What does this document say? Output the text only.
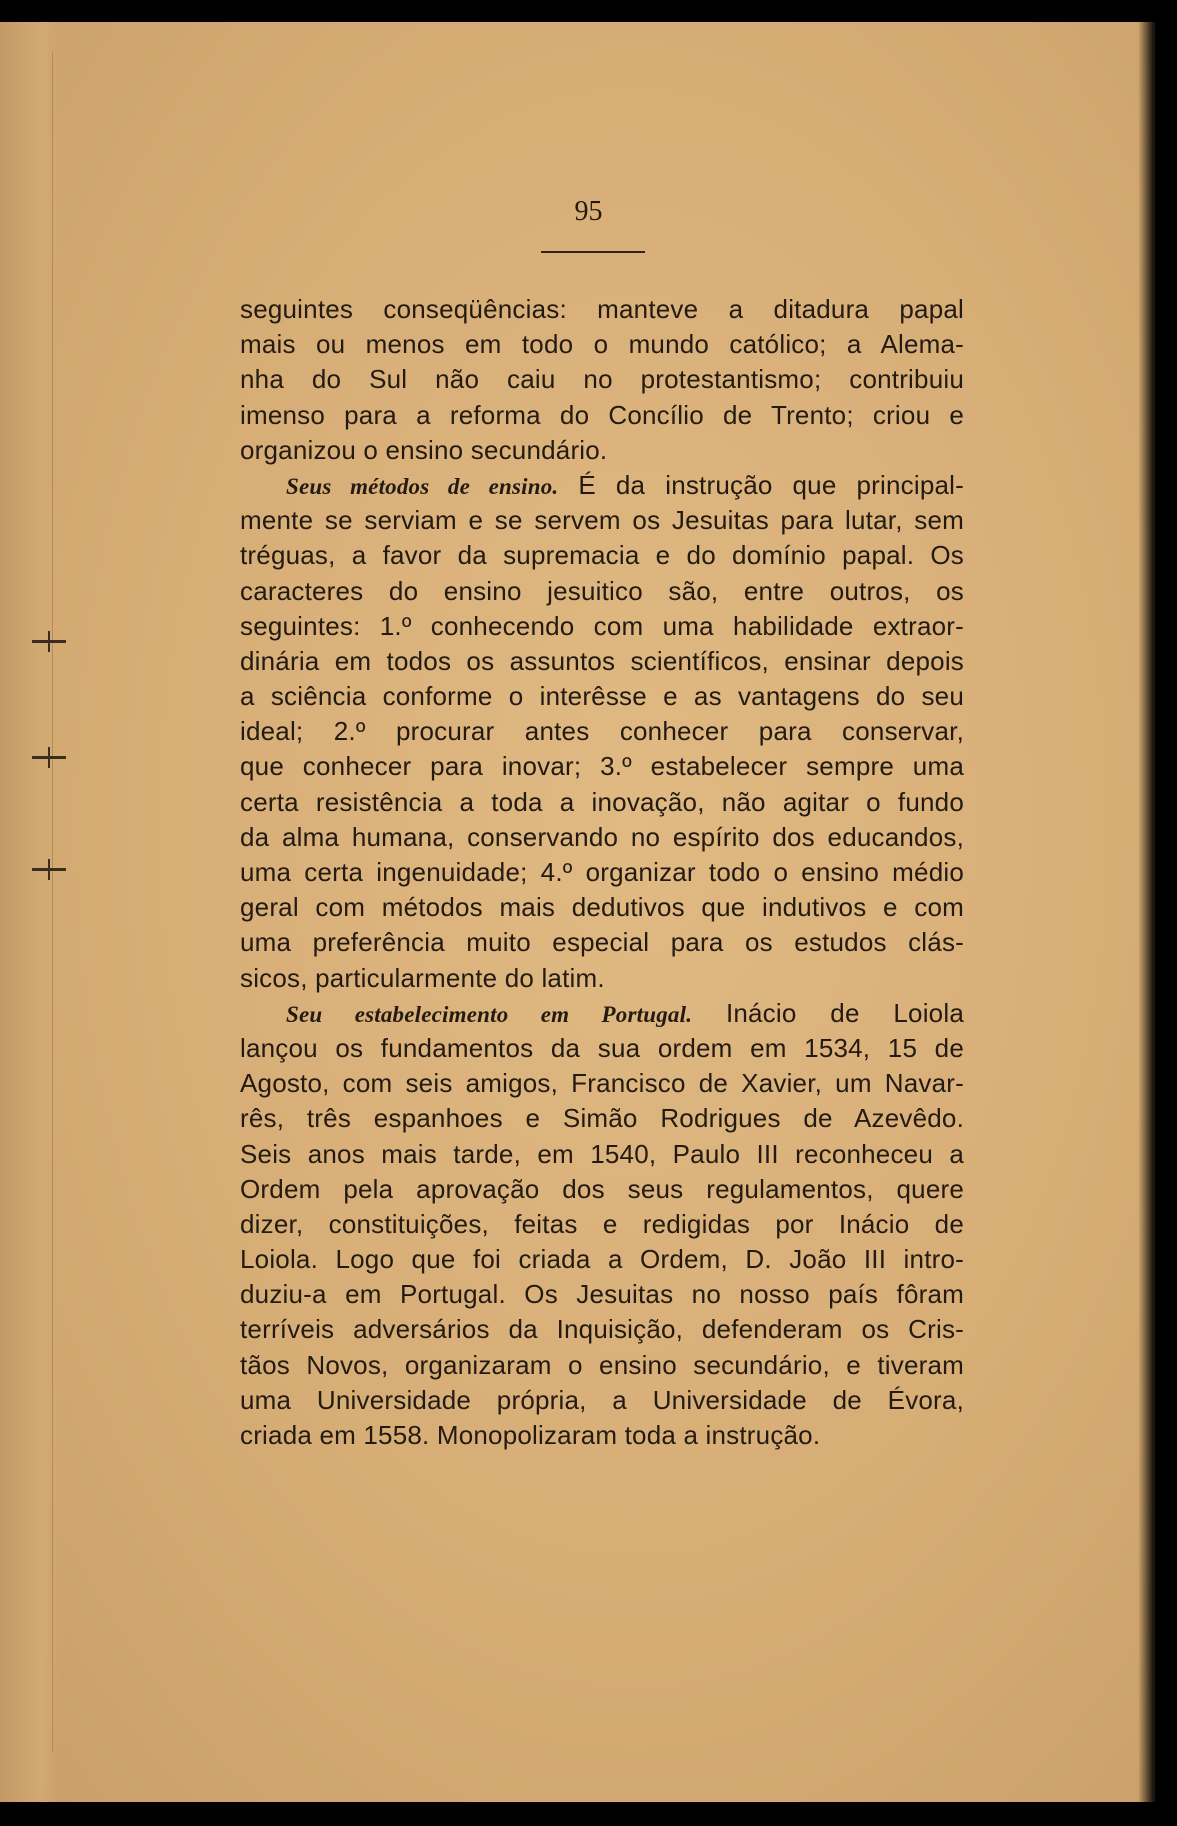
95
seguintes conseqüências: manteve a ditadura papal
mais ou menos em todo o mundo católico; a Alema-
nha do Sul não caiu no protestantismo; contribuiu
imenso para a reforma do Concílio de Trento; criou e
organizou o ensino secundário.
Seus métodos de ensino. É da instrução que principal-
mente se serviam e se servem os Jesuitas para lutar, sem
tréguas, a favor da supremacia e do domínio papal. Os
caracteres do ensino jesuitico são, entre outros, os
seguintes: 1.º conhecendo com uma habilidade extraor-
dinária em todos os assuntos scientíficos, ensinar depois
a sciência conforme o interêsse e as vantagens do seu
ideal; 2.º procurar antes conhecer para conservar,
que conhecer para inovar; 3.º estabelecer sempre uma
certa resistência a toda a inovação, não agitar o fundo
da alma humana, conservando no espírito dos educandos,
uma certa ingenuidade; 4.º organizar todo o ensino médio
geral com métodos mais dedutivos que indutivos e com
uma preferência muito especial para os estudos clás-
sicos, particularmente do latim.
Seu estabelecimento em Portugal. Inácio de Loiola
lançou os fundamentos da sua ordem em 1534, 15 de
Agosto, com seis amigos, Francisco de Xavier, um Navar-
rês, três espanhoes e Simão Rodrigues de Azevêdo.
Seis anos mais tarde, em 1540, Paulo III reconheceu a
Ordem pela aprovação dos seus regulamentos, quere
dizer, constituições, feitas e redigidas por Inácio de
Loiola. Logo que foi criada a Ordem, D. João III intro-
duziu-a em Portugal. Os Jesuitas no nosso país fôram
terríveis adversários da Inquisição, defenderam os Cris-
tãos Novos, organizaram o ensino secundário, e tiveram
uma Universidade própria, a Universidade de Évora,
criada em 1558. Monopolizaram toda a instrução.
